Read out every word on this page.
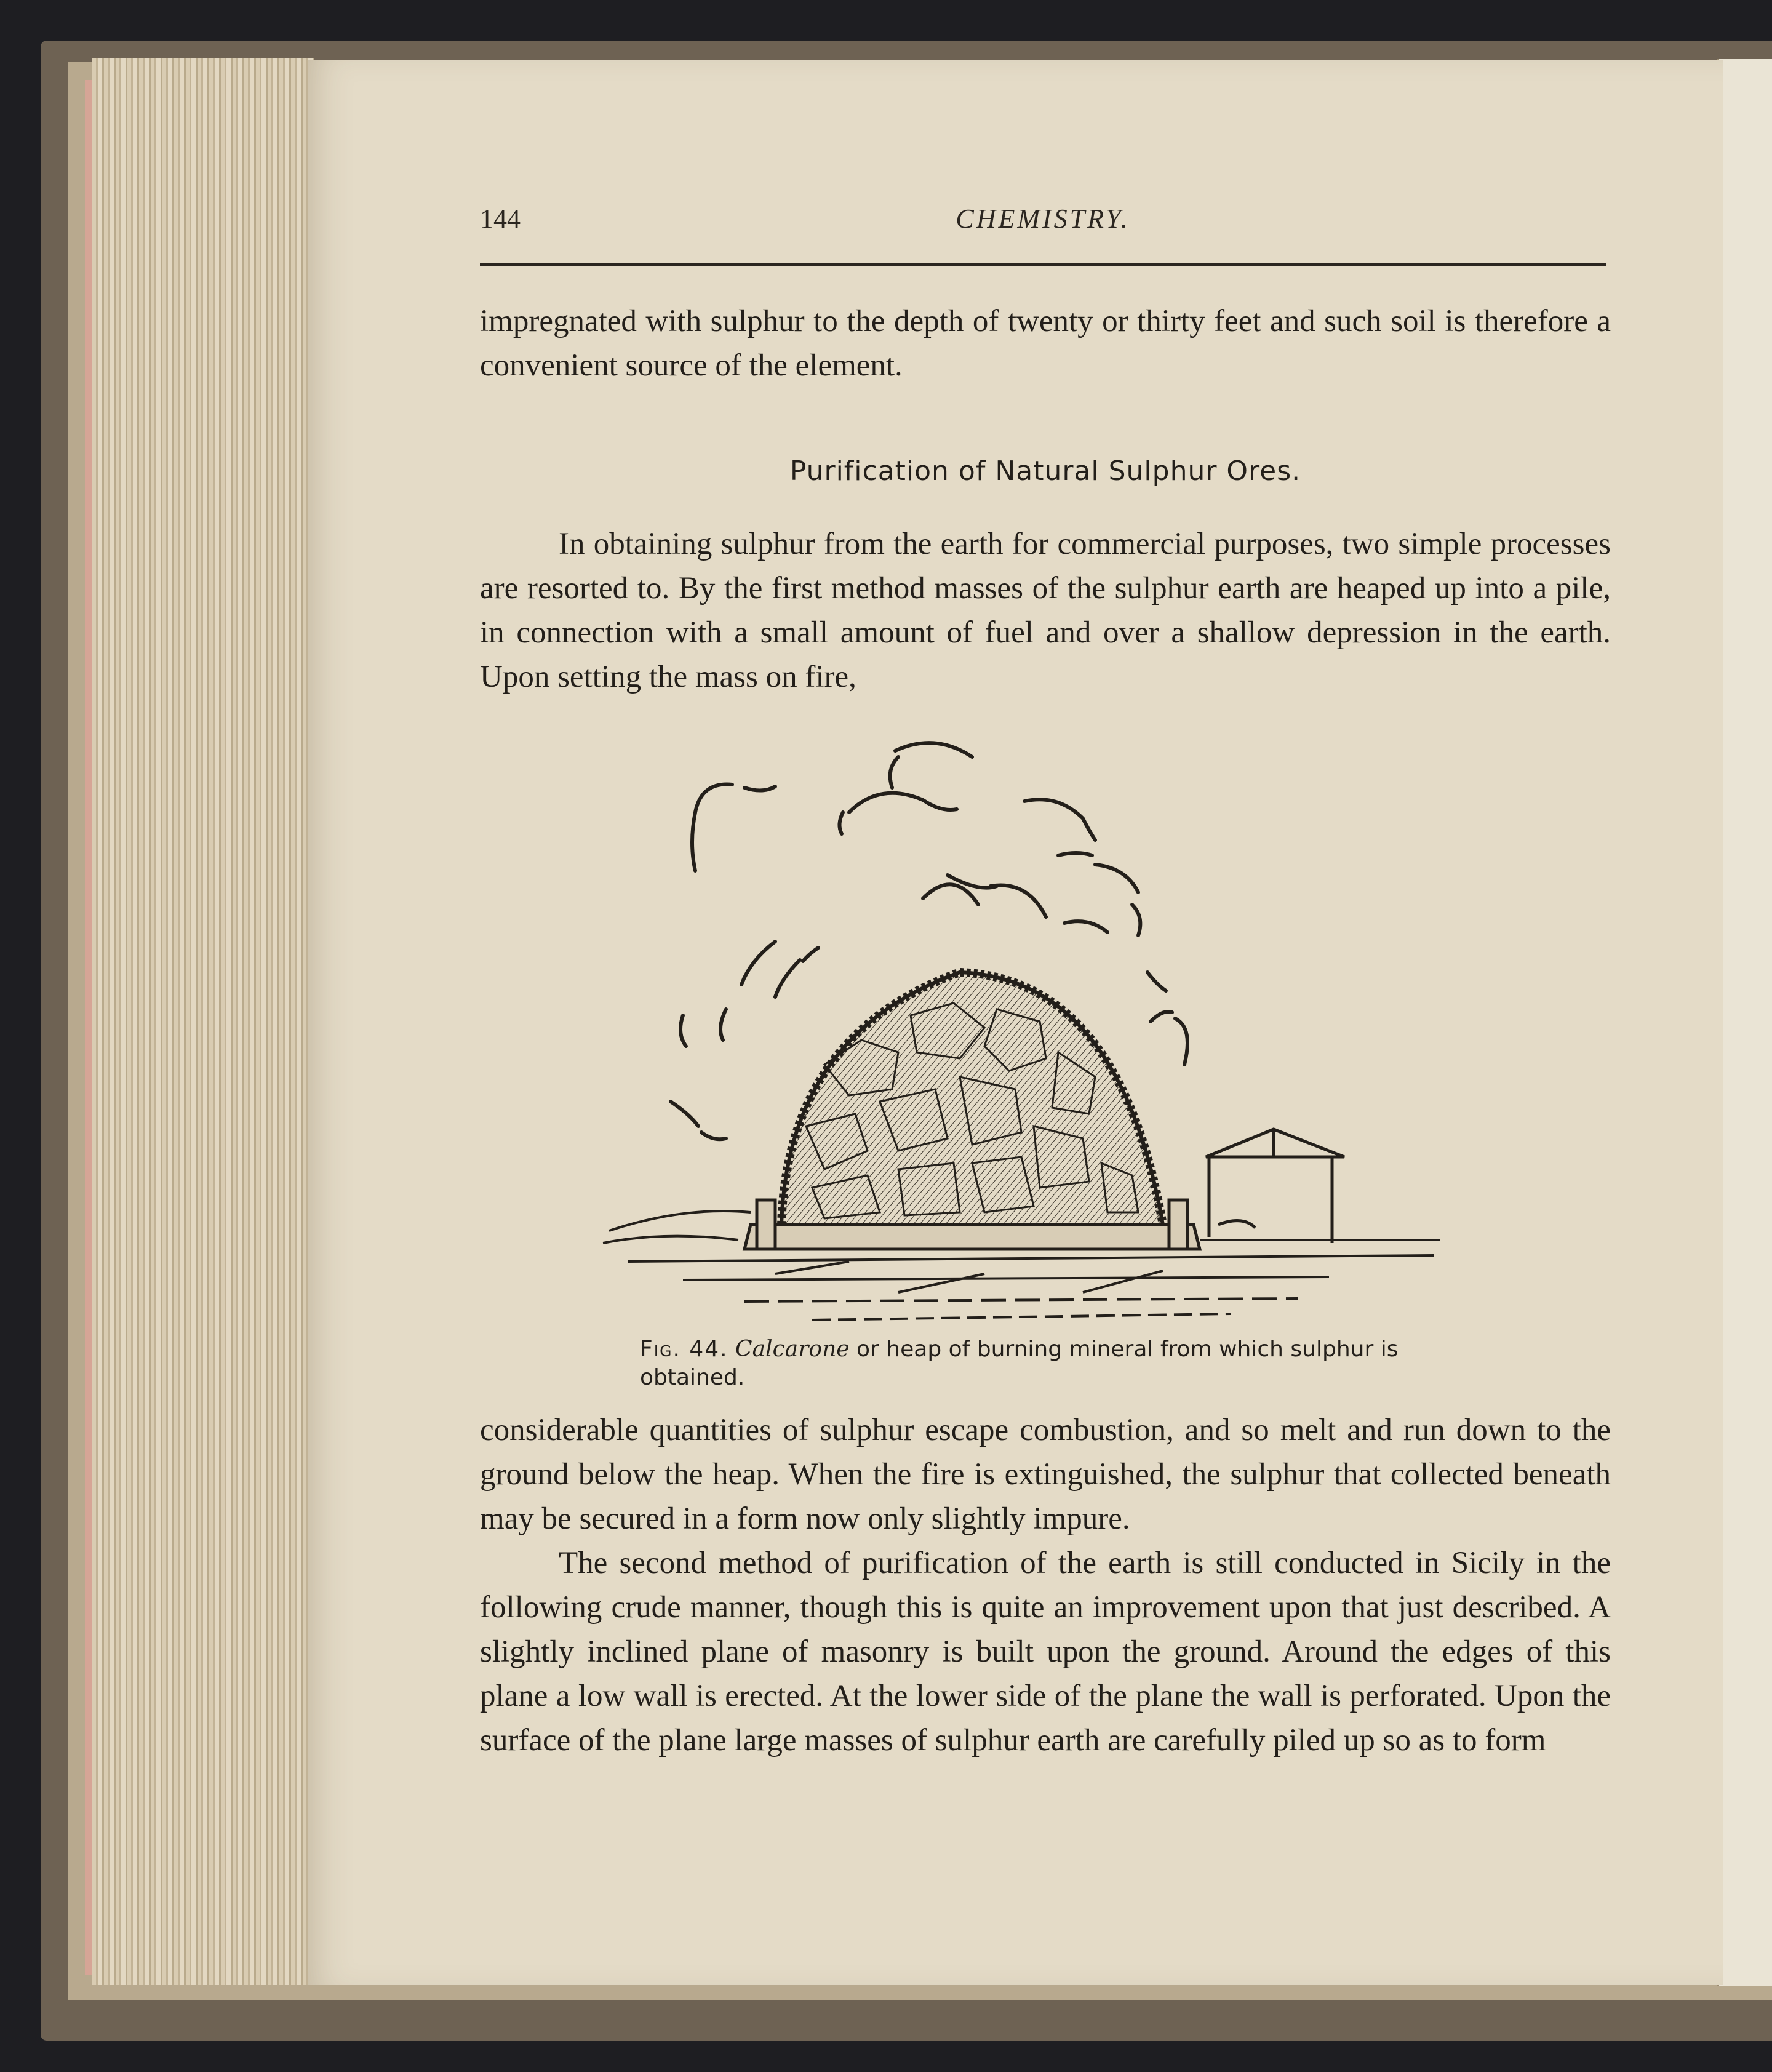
144	CHEMISTRY.

impregnated with sulphur to the depth of twenty or thirty feet and such soil is therefore a convenient source of the element.

Purification of Natural Sulphur Ores.

In obtaining sulphur from the earth for commercial purposes, two simple processes are resorted to. By the first method masses of the sulphur earth are heaped up into a pile, in connection with a small amount of fuel and over a shallow depression in the earth. Upon setting the mass on fire,

Fig. 44. Calcarone or heap of burning mineral from which sulphur is obtained.

considerable quantities of sulphur escape combustion, and so melt and run down to the ground below the heap. When the fire is extinguished, the sulphur that collected beneath may be secured in a form now only slightly impure.

The second method of purification of the earth is still conducted in Sicily in the following crude manner, though this is quite an improvement upon that just described. A slightly inclined plane of masonry is built upon the ground. Around the edges of this plane a low wall is erected. At the lower side of the plane the wall is perforated. Upon the surface of the plane large masses of sulphur earth are carefully piled up so as to form
